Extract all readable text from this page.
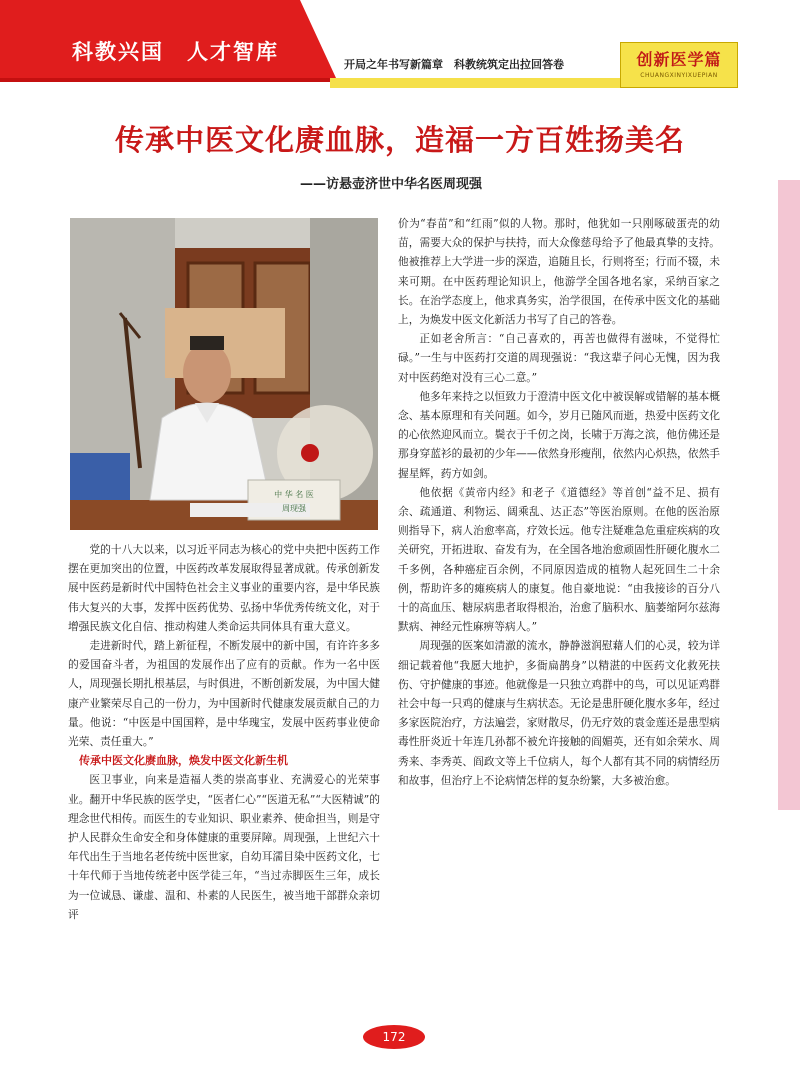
科教兴国　人才智库
开局之年书写新篇章　科教统筑定出拉回答卷	创新医学篇
CHUANGXINYIXUEPIAN
传承中医文化赓血脉，造福一方百姓扬美名
——访悬壶济世中华名医周现强
中 华 名 医
周现强

党的十八大以来，以习近平同志为核心的党中央把中医药工作摆在更加突出的位置，中医药改革发展取得显著成就。传承创新发展中医药是新时代中国特色社会主义事业的重要内容，是中华民族伟大复兴的大事，发挥中医药优势、弘扬中华优秀传统文化，对于增强民族文化自信、推动构建人类命运共同体具有重大意义。

走进新时代，踏上新征程，不断发展中的新中国，有许许多多的爱国奋斗者，为祖国的发展作出了应有的贡献。作为一名中医人，周现强长期扎根基层，与时俱进，不断创新发展，为中国大健康产业繁荣尽自己的一份力，为中国新时代健康发展贡献自己的力量。他说：“中医是中国国粹，是中华瑰宝，发展中医药事业使命光荣、责任重大。”

传承中医文化赓血脉，焕发中医文化新生机

医卫事业，向来是造福人类的崇高事业、充满爱心的光荣事业。翻开中华民族的医学史，“医者仁心”“医道无私”“大医精诚”的理念世代相传。而医生的专业知识、职业素养、使命担当，则是守护人民群众生命安全和身体健康的重要屏障。周现强，上世纪六十年代出生于当地名老传统中医世家，自幼耳濡目染中医药文化，七十年代师于当地传统老中医学徒三年，“当过赤脚医生三年，成长为一位诚恳、谦虚、温和、朴素的人民医生，被当地干部群众亲切评

价为“春苗”和“红雨”似的人物。那时，他犹如一只刚啄破蛋壳的幼苗，需要大众的保护与扶持，而大众像慈母给予了他最真挚的支持。他被推荐上大学进一步的深造，追随且长，行则将至；行而不辍，未来可期。在中医药理论知识上，他游学全国各地名家，采纳百家之长。在治学态度上，他求真务实，治学很国，在传承中医文化的基础上，为焕发中医文化新活力书写了自己的答卷。

正如老舍所言：“自己喜欢的，再苦也做得有滋味，不觉得忙碌。”一生与中医药打交道的周现强说：“我这辈子问心无愧，因为我对中医药绝对没有三心二意。”

他多年来持之以恒致力于澄清中医文化中被误解或错解的基本概念、基本原理和有关问题。如今，岁月已随风而逝，热爱中医药文化的心依然迎风而立。鬓衣于千仞之岗，长啸于万海之滨，他仿佛还是那身穿蓝衫的最初的少年——依然身形瘦削，依然内心炽热，依然手握星辉，药方如剑。

他依据《黄帝内经》和老子《道德经》等首创“益不足、损有余、疏通道、利物运、阔乘乱、达正态”等医治原则。在他的医治原则指导下，病人治愈率高，疗效长远。他专注疑难急危重症疾病的攻关研究，开拓进取、奋发有为，在全国各地治愈顽固性肝硬化腹水二千多例，各种癌症百余例，不同原因造成的植物人起死回生二十余例，帮助许多的瘫痪病人的康复。他自豪地说：“由我接诊的百分八十的高血压、糖尿病患者取得根治，治愈了脑积水、脑萎缩阿尔兹海默病、神经元性麻痹等病人。”

周现强的医案如清澈的流水，静静滋润慰藉人们的心灵，较为详细记载着他“我愿大地护，多衙扁鹊身”以精湛的中医药文化救死扶伤、守护健康的事迹。他就像是一只独立鸡群中的鸟，可以见证鸡群社会中每一只鸡的健康与生病状态。无论是患肝硬化腹水多年，经过多家医院治疗，方法遍尝，家财散尽，仍无疗效的袁金莲还是患型病毒性肝炎近十年连几孙都不被允许接触的阎媚英，还有如余荣水、周秀来、李秀英、阎政文等上千位病人，每个人都有其不同的病情经历和故事，但治疗上不论病情怎样的复杂纷繁，大多被治愈。

172
